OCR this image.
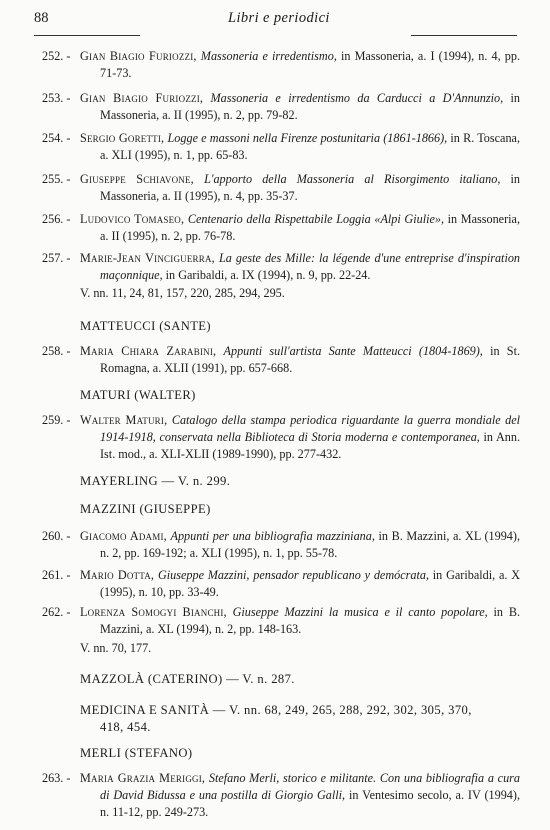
88	Libri e periodici
252. - Gian Biagio Furiozzi, Massoneria e irredentismo, in Massoneria, a. I (1994), n. 4, pp. 71-73.
253. - Gian Biagio Furiozzi, Massoneria e irredentismo da Carducci a D'Annunzio, in Massoneria, a. II (1995), n. 2, pp. 79-82.
254. - Sergio Goretti, Logge e massoni nella Firenze postunitaria (1861-1866), in R. Toscana, a. XLI (1995), n. 1, pp. 65-83.
255. - Giuseppe Schiavone, L'apporto della Massoneria al Risorgimento italiano, in Massoneria, a. II (1995), n. 4, pp. 35-37.
256. - Ludovico Tomaseo, Centenario della Rispettabile Loggia «Alpi Giulie», in Massoneria, a. II (1995), n. 2, pp. 76-78.
257. - Marie-Jean Vinciguerra, La geste des Mille: la légende d'une entreprise d'inspiration maçonnique, in Garibaldi, a. IX (1994), n. 9, pp. 22-24.
V. nn. 11, 24, 81, 157, 220, 285, 294, 295.
MATTEUCCI (SANTE)
258. - Maria Chiara Zarabini, Appunti sull'artista Sante Matteucci (1804-1869), in St. Romagna, a. XLII (1991), pp. 657-668.
MATURI (WALTER)
259. - Walter Maturi, Catalogo della stampa periodica riguardante la guerra mondiale del 1914-1918, conservata nella Biblioteca di Storia moderna e contemporanea, in Ann. Ist. mod., a. XLI-XLII (1989-1990), pp. 277-432.
MAYERLING — V. n. 299.
MAZZINI (GIUSEPPE)
260. - Giacomo Adami, Appunti per una bibliografia mazziniana, in B. Mazzini, a. XL (1994), n. 2, pp. 169-192; a. XLI (1995), n. 1, pp. 55-78.
261. - Mario Dotta, Giuseppe Mazzini, pensador republicano y demócrata, in Garibaldi, a. X (1995), n. 10, pp. 33-49.
262. - Lorenza Somogyi Bianchi, Giuseppe Mazzini la musica e il canto popolare, in B. Mazzini, a. XL (1994), n. 2, pp. 148-163.
V. nn. 70, 177.
MAZZOLÀ (CATERINO) — V. n. 287.
MEDICINA E SANITÀ — V. nn. 68, 249, 265, 288, 292, 302, 305, 370,
418, 454.
MERLI (STEFANO)
263. - Maria Grazia Meriggi, Stefano Merli, storico e militante. Con una bibliografia a cura di David Bidussa e una postilla di Giorgio Galli, in Ventesimo secolo, a. IV (1994), n. 11-12, pp. 249-273.
